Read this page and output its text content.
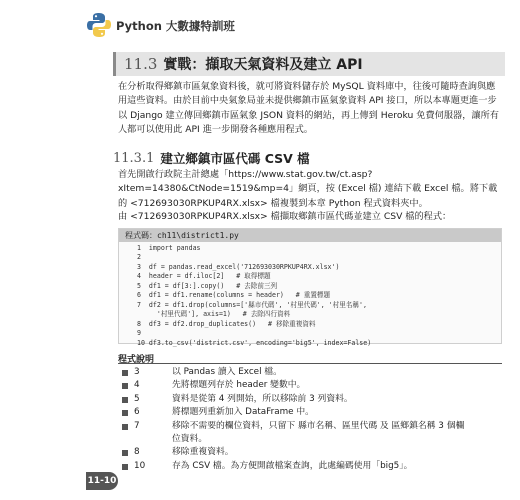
Python 大數據特訓班
11.3 實戰：擷取天氣資料及建立 API

在分析取得鄉鎮市區氣象資料後，就可將資料儲存於 MySQL 資料庫中，往後可隨時查詢與應用這些資料。由於目前中央氣象局並未提供鄉鎮市區氣象資料 API 接口，所以本專題更進一步以 Django 建立傳回鄉鎮市區氣象 JSON 資料的網站，再上傳到 Heroku 免費伺服器，讓所有人都可以使用此 API 進一步開發各種應用程式。

11.3.1 建立鄉鎮市區代碼 CSV 檔

首先開啟行政院主計總處「https://www.stat.gov.tw/ct.asp?xItem=14380&CtNode=1519&mp=4」網頁，按 (Excel 檔) 連結下載 Excel 檔。將下載的 <712693030RPKUP4RX.xlsx> 檔複製到本章 Python 程式資料夾中。

由 <712693030RPKUP4RX.xlsx> 檔擷取鄉鎮市區代碼並建立 CSV 檔的程式：

程式碼：ch11\district1.py
1  import pandas
2
3  df = pandas.read_excel('712693030RPKUP4RX.xlsx')
4  header = df.iloc[2]   # 取得標題
5  df1 = df[3:].copy()   # 去除前三列
6  df1 = df1.rename(columns = header)   # 重置標題
7  df2 = df1.drop(columns=['縣市代碼', '村里代碼', '村里名稱',
'村里代碼'], axis=1)   # 去除四行資料
8  df3 = df2.drop_duplicates()   # 移除重複資料
9
10 df3.to_csv('district.csv', encoding='big5', index=False)
程式說明
3	以 Pandas 讀入 Excel 檔。
4	先將標題列存於 header 變數中。
5	資料是從第 4 列開始，所以移除前 3 列資料。
6	將標題列重新加入 DataFrame 中。
7	移除不需要的欄位資料，只留下 縣市名稱、區里代碼 及 區鄉鎮名稱 3 個欄位資料。
8	移除重複資料。
10	存為 CSV 檔。為方便開啟檔案查詢，此處編碼使用「big5」。
11-10
